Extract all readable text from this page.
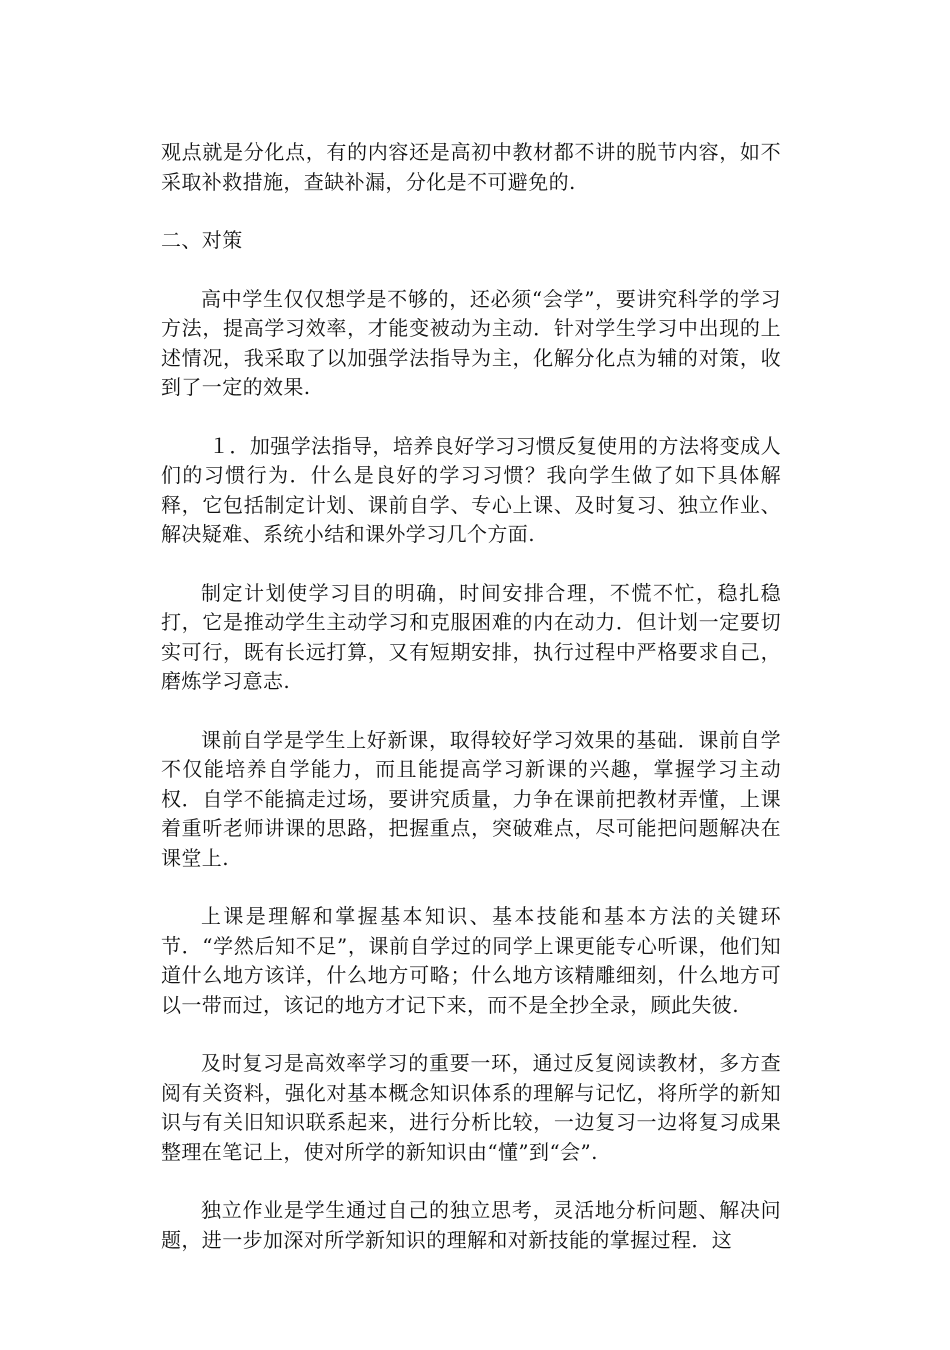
观点就是分化点，有的内容还是高初中教材都不讲的脱节内容，如不采取补救措施，查缺补漏，分化是不可避免的.

二、对策

高中学生仅仅想学是不够的，还必须“会学”，要讲究科学的学习方法，提高学习效率，才能变被动为主动．针对学生学习中出现的上述情况，我采取了以加强学法指导为主，化解分化点为辅的对策，收到了一定的效果.

１．加强学法指导，培养良好学习习惯反复使用的方法将变成人们的习惯行为．什么是良好的学习习惯？我向学生做了如下具体解释，它包括制定计划、课前自学、专心上课、及时复习、独立作业、解决疑难、系统小结和课外学习几个方面.

制定计划使学习目的明确，时间安排合理，不慌不忙，稳扎稳打，它是推动学生主动学习和克服困难的内在动力．但计划一定要切实可行，既有长远打算，又有短期安排，执行过程中严格要求自己，磨炼学习意志.

课前自学是学生上好新课，取得较好学习效果的基础．课前自学不仅能培养自学能力，而且能提高学习新课的兴趣，掌握学习主动权．自学不能搞走过场，要讲究质量，力争在课前把教材弄懂，上课着重听老师讲课的思路，把握重点，突破难点，尽可能把问题解决在课堂上.

上课是理解和掌握基本知识、基本技能和基本方法的关键环节．“学然后知不足”，课前自学过的同学上课更能专心听课，他们知道什么地方该详，什么地方可略；什么地方该精雕细刻，什么地方可以一带而过，该记的地方才记下来，而不是全抄全录，顾此失彼.

及时复习是高效率学习的重要一环，通过反复阅读教材，多方查阅有关资料，强化对基本概念知识体系的理解与记忆，将所学的新知识与有关旧知识联系起来，进行分析比较，一边复习一边将复习成果整理在笔记上，使对所学的新知识由“懂”到“会”.

独立作业是学生通过自己的独立思考，灵活地分析问题、解决问题，进一步加深对所学新知识的理解和对新技能的掌握过程．这
